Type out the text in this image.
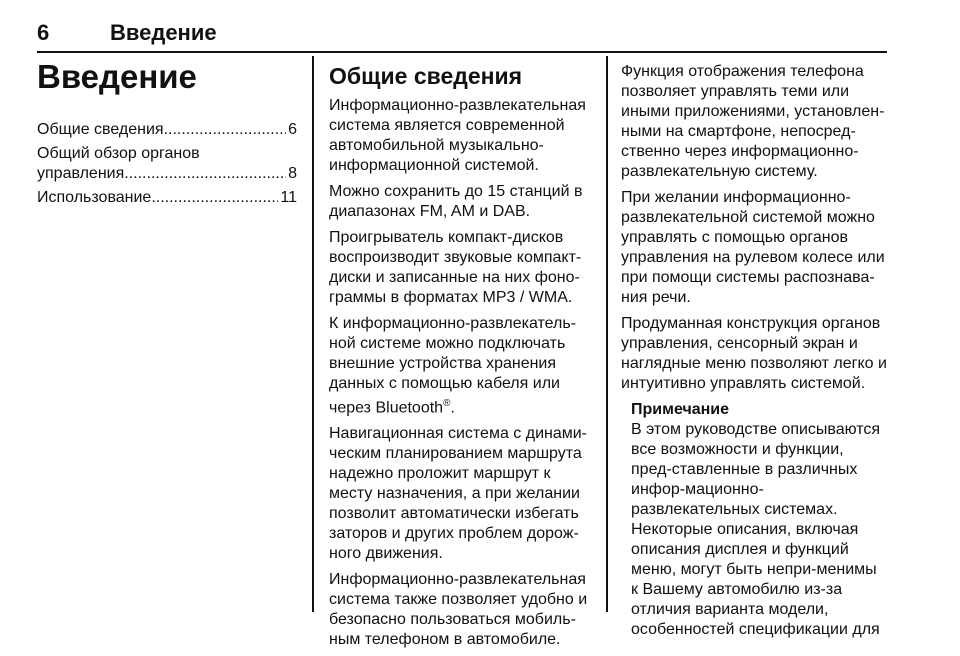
6	Введение
Введение
Общие сведения .....	6
Общий обзор органов
управления .....	8
Использование .....	11
Общие сведения

Информационно-развлекательная система является современной автомобильной музыкально-информационной системой.

Можно сохранить до 15 станций в диапазонах FM, AM и DAB.

Проигрыватель компакт-дисков воспроизводит звуковые компакт-диски и записанные на них фоно-граммы в форматах MP3 / WMA.

К информационно-развлекатель-ной системе можно подключать внешние устройства хранения данных с помощью кабеля или через Bluetooth®.

Навигационная система с динами-ческим планированием маршрута надежно проложит маршрут к месту назначения, а при желании позволит автоматически избегать заторов и других проблем дорож-ного движения.

Информационно-развлекательная система также позволяет удобно и безопасно пользоваться мобиль-ным телефоном в автомобиле.

Функция отображения телефона позволяет управлять теми или иными приложениями, установлен-ными на смартфоне, непосред-ственно через информационно-развлекательную систему.

При желании информационно-развлекательной системой можно управлять с помощью органов управления на рулевом колесе или при помощи системы распознава-ния речи.

Продуманная конструкция органов управления, сенсорный экран и наглядные меню позволяют легко и интуитивно управлять системой.

Примечание

В этом руководстве описываются все возможности и функции, пред-ставленные в различных инфор-мационно-развлекательных системах. Некоторые описания, включая описания дисплея и функций меню, могут быть непри-менимы к Вашему автомобилю из-за отличия варианта модели, особенностей спецификации для
